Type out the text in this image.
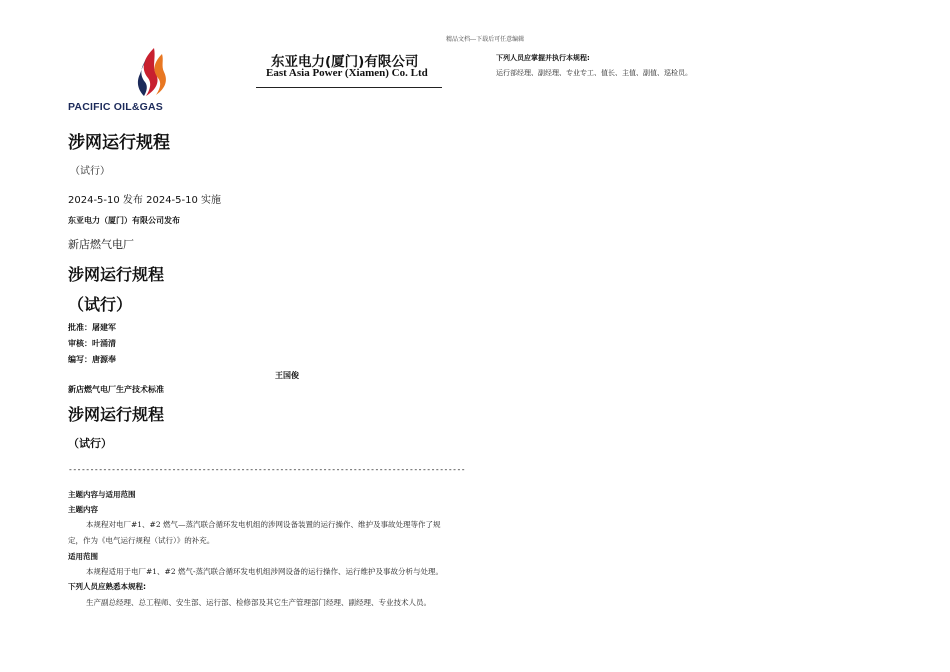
精品文档---下载后可任意编辑
PACIFIC OIL&GAS
东亚电力(厦门)有限公司
East Asia Power (Xiamen) Co. Ltd
下列人员应掌握并执行本规程:
运行部经理、副经理、专业专工、值长、主值、副值、巡检员。
涉网运行规程
（试行）
2024-5-10 发布 2024-5-10 实施
东亚电力（厦门）有限公司发布
新店燃气电厂
涉网运行规程
（试行）
批准：屠建军
审核：叶涌清
编写：唐源奉
王国俊
新店燃气电厂生产技术标准
涉网运行规程
（试行）
--------------------------------------------------------------------------------------------
主题内容与适用范围
主题内容
本规程对电厂#1、#2 燃气—蒸汽联合循环发电机组的涉网设备装置的运行操作、维护及事故处理等作了规
定，作为《电气运行规程（试行）》的补充。
适用范围
本规程适用于电厂#1、#2 燃气-蒸汽联合循环发电机组涉网设备的运行操作、运行维护及事故分析与处理。
下列人员应熟悉本规程:
生产副总经理、总工程师、安生部、运行部、检修部及其它生产管理部门经理、副经理、专业技术人员。
